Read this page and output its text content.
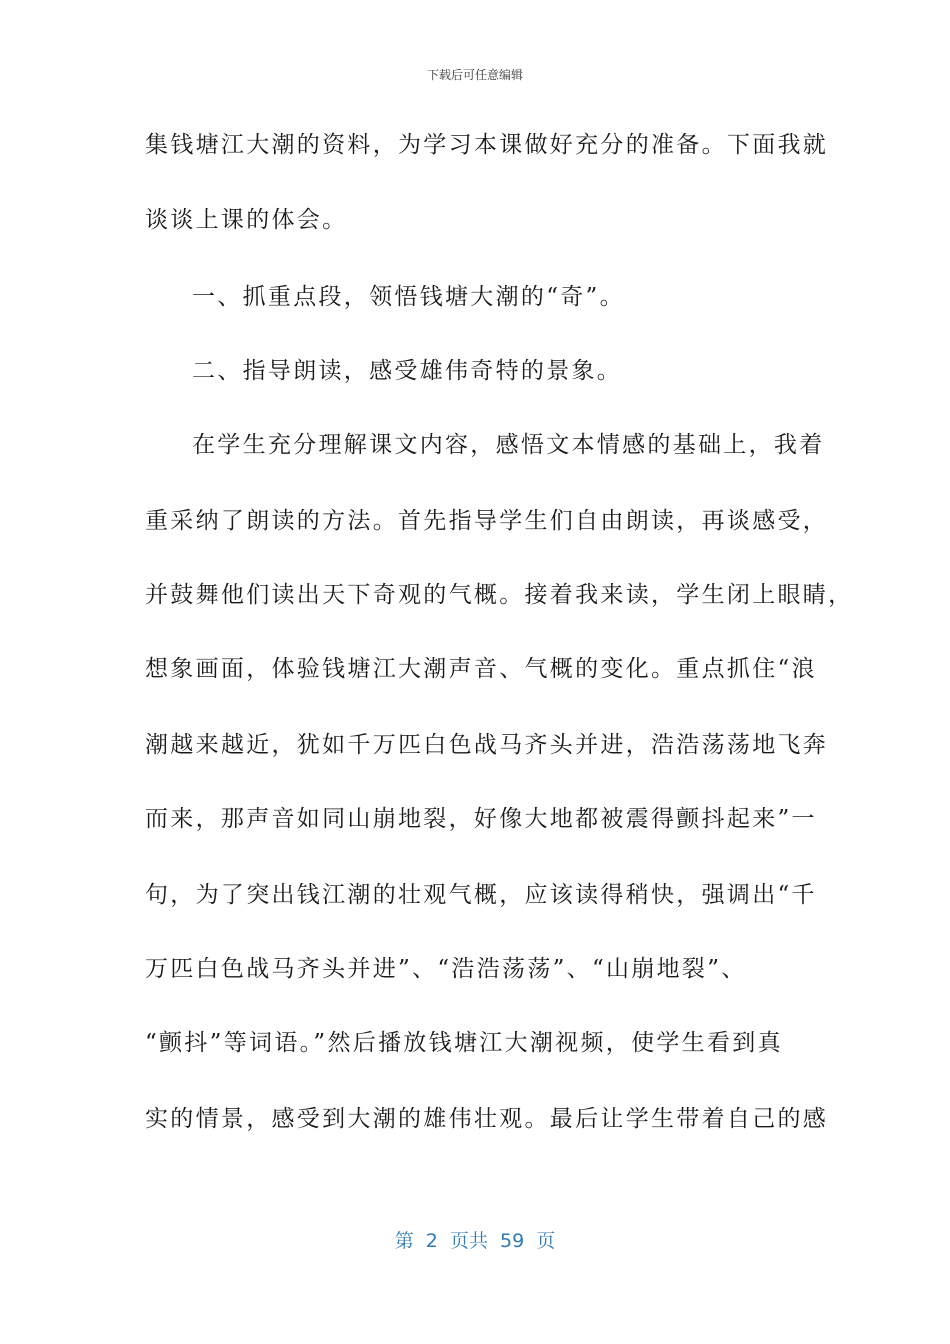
下载后可任意编辑
集钱塘江大潮的资料，为学习本课做好充分的准备。下面我就
谈谈上课的体会。
一、抓重点段，领悟钱塘大潮的“奇”。
二、指导朗读，感受雄伟奇特的景象。
在学生充分理解课文内容，感悟文本情感的基础上，我着
重采纳了朗读的方法。首先指导学生们自由朗读，再谈感受，
并鼓舞他们读出天下奇观的气概。接着我来读，学生闭上眼睛，
想象画面，体验钱塘江大潮声音、气概的变化。重点抓住“浪
潮越来越近，犹如千万匹白色战马齐头并进，浩浩荡荡地飞奔
而来，那声音如同山崩地裂，好像大地都被震得颤抖起来”一
句，为了突出钱江潮的壮观气概，应该读得稍快，强调出“千
万匹白色战马齐头并进”、“浩浩荡荡”、“山崩地裂”、
“颤抖”等词语。”然后播放钱塘江大潮视频，使学生看到真
实的情景，感受到大潮的雄伟壮观。最后让学生带着自己的感
第  2  页共  59  页
